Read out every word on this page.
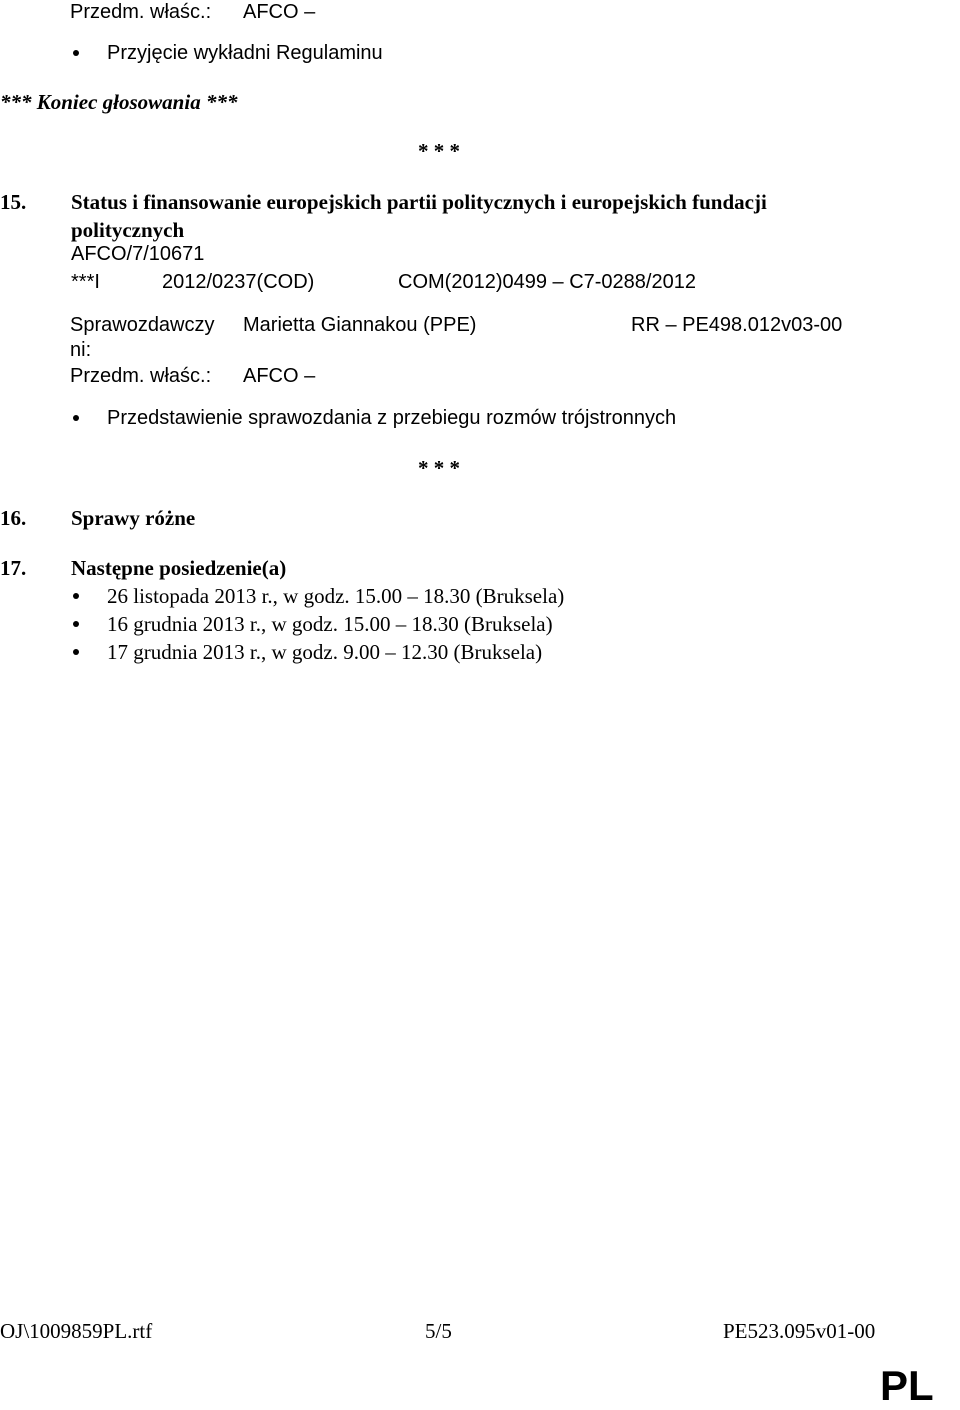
Przedm. właśc.: AFCO –
Przyjęcie wykładni Regulaminu
*** Koniec głosowania ***
* * *
15. Status i finansowanie europejskich partii politycznych i europejskich fundacji
politycznych
AFCO/7/10671
***I	2012/0237(COD)	COM(2012)0499 – C7-0288/2012
Sprawozdawczy
ni:
Marietta Giannakou (PPE)	RR – PE498.012v03-00
Przedm. właśc.: AFCO –
Przedstawienie sprawozdania z przebiegu rozmów trójstronnych
* * *
16. Sprawy różne
17. Następne posiedzenie(a)
26 listopada 2013 r., w godz. 15.00 – 18.30 (Bruksela)
16 grudnia 2013 r., w godz. 15.00 – 18.30 (Bruksela)
17 grudnia 2013 r., w godz. 9.00 – 12.30 (Bruksela)
OJ\1009859PL.rtf	5/5	PE523.095v01-00
PL
